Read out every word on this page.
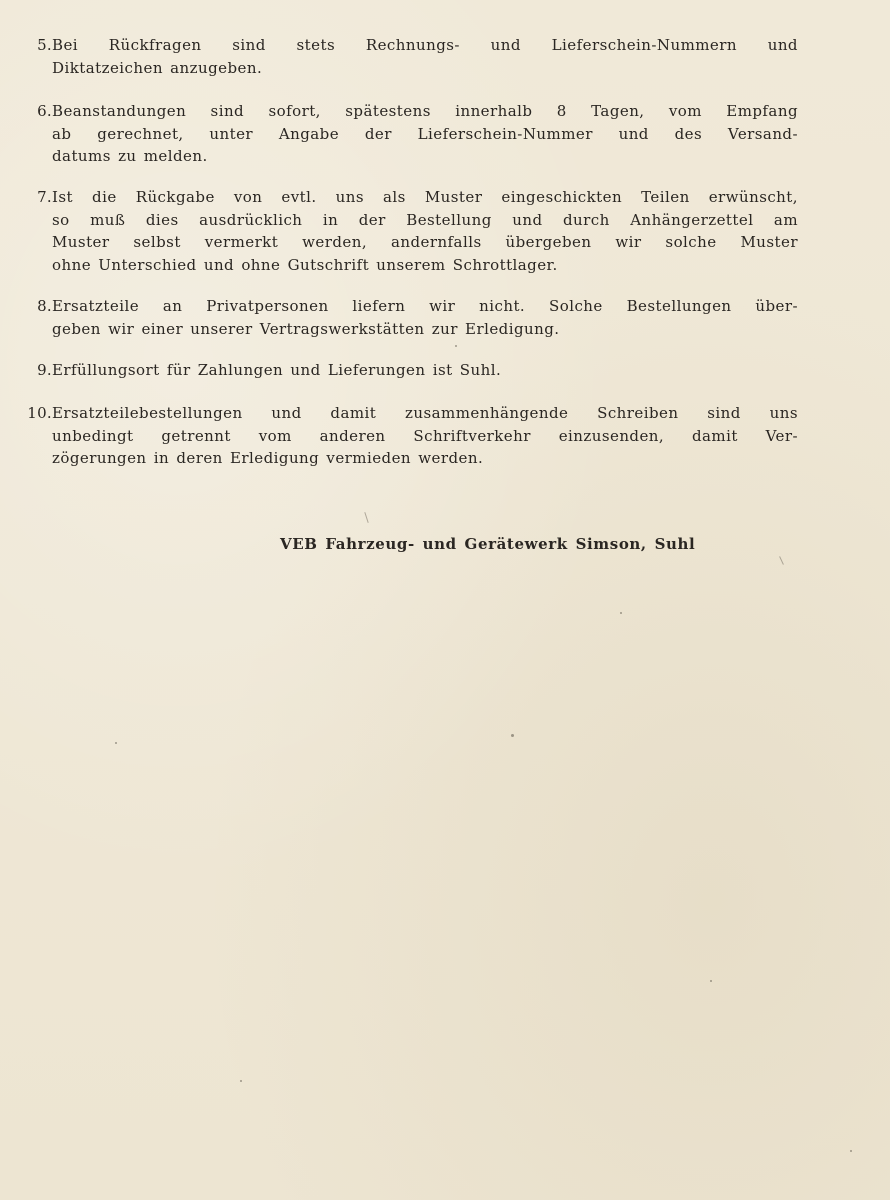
5. Bei Rückfragen sind stets Rechnungs- und Lieferschein-Nummern und
Diktatzeichen anzugeben.
6. Beanstandungen sind sofort, spätestens innerhalb 8 Tagen, vom Empfang
ab gerechnet, unter Angabe der Lieferschein-Nummer und des Versand-
datums zu melden.
7. Ist die Rückgabe von evtl. uns als Muster eingeschickten Teilen erwünscht,
so muß dies ausdrücklich in der Bestellung und durch Anhängerzettel am
Muster selbst vermerkt werden, andernfalls übergeben wir solche Muster
ohne Unterschied und ohne Gutschrift unserem Schrottlager.
8. Ersatzteile an Privatpersonen liefern wir nicht. Solche Bestellungen über-
geben wir einer unserer Vertragswerkstätten zur Erledigung.
9. Erfüllungsort für Zahlungen und Lieferungen ist Suhl.
10. Ersatzteilebestellungen und damit zusammenhängende Schreiben sind uns
unbedingt getrennt vom anderen Schriftverkehr einzusenden, damit Ver-
zögerungen in deren Erledigung vermieden werden.
VEB Fahrzeug- und Gerätewerk Simson, Suhl
